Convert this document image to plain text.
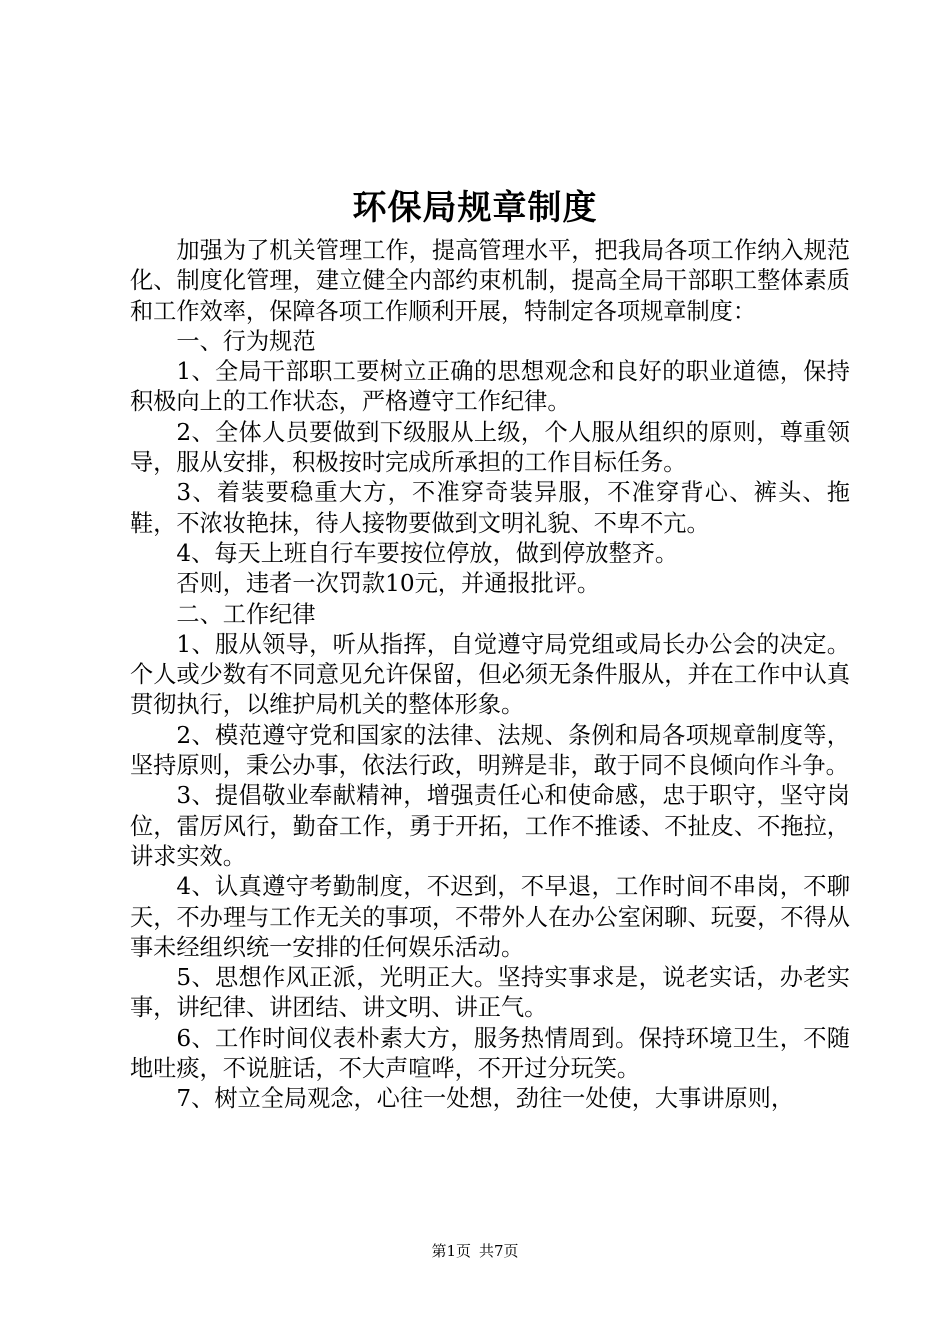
环保局规章制度

加强为了机关管理工作，提高管理水平，把我局各项工作纳入规范化、制度化管理，建立健全内部约束机制，提高全局干部职工整体素质和工作效率，保障各项工作顺利开展，特制定各项规章制度：

一、行为规范

1、全局干部职工要树立正确的思想观念和良好的职业道德，保持积极向上的工作状态，严格遵守工作纪律。

2、全体人员要做到下级服从上级，个人服从组织的原则，尊重领导，服从安排，积极按时完成所承担的工作目标任务。

3、着装要稳重大方，不准穿奇装异服，不准穿背心、裤头、拖鞋，不浓妆艳抹，待人接物要做到文明礼貌、不卑不亢。

4、每天上班自行车要按位停放，做到停放整齐。

否则，违者一次罚款10元，并通报批评。

二、工作纪律

1、服从领导，听从指挥，自觉遵守局党组或局长办公会的决定。个人或少数有不同意见允许保留，但必须无条件服从，并在工作中认真贯彻执行，以维护局机关的整体形象。

2、模范遵守党和国家的法律、法规、条例和局各项规章制度等，坚持原则，秉公办事，依法行政，明辨是非，敢于同不良倾向作斗争。

3、提倡敬业奉献精神，增强责任心和使命感，忠于职守，坚守岗位，雷厉风行，勤奋工作，勇于开拓，工作不推诿、不扯皮、不拖拉，讲求实效。

4、认真遵守考勤制度，不迟到，不早退，工作时间不串岗，不聊天，不办理与工作无关的事项，不带外人在办公室闲聊、玩耍，不得从事未经组织统一安排的任何娱乐活动。

5、思想作风正派，光明正大。坚持实事求是，说老实话，办老实事，讲纪律、讲团结、讲文明、讲正气。

6、工作时间仪表朴素大方，服务热情周到。保持环境卫生，不随地吐痰，不说脏话，不大声喧哗，不开过分玩笑。

7、树立全局观念，心往一处想，劲往一处使，大事讲原则，

第1页 共7页
